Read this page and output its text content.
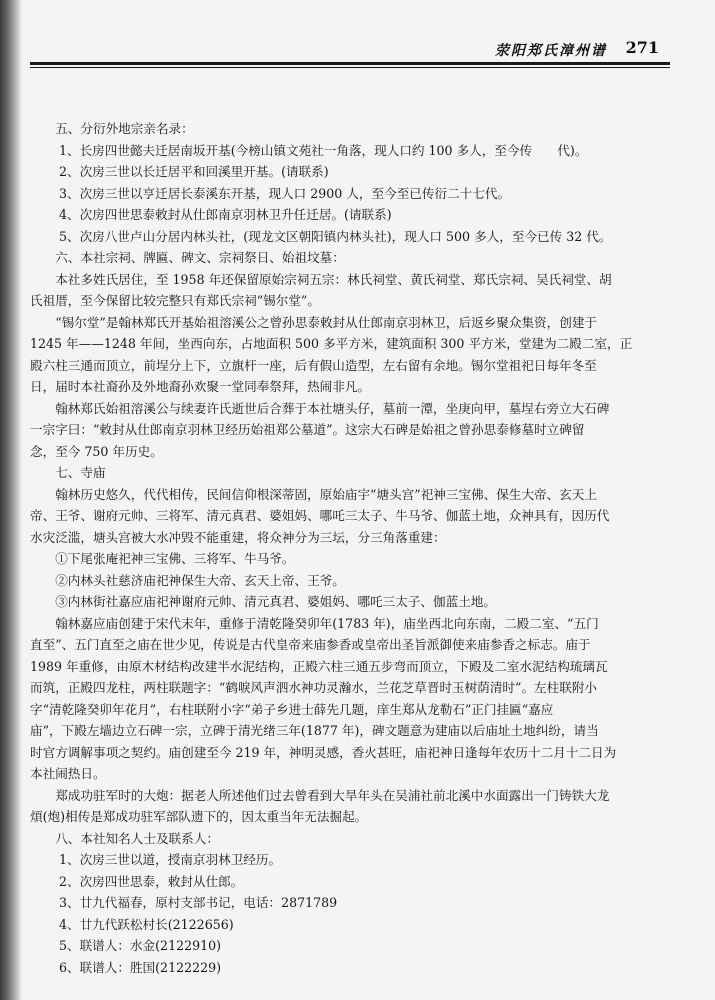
荥阳郑氏漳州谱 271
五、分衍外地宗亲名录：
1、长房四世懿夫迁居南坂开基(今榜山镇文苑社一角落，现人口约 100 多人，至今传　　代)。
2、次房三世以长迁居平和回溪里开基。(请联系)
3、次房三世以亨迁居长泰溪东开基，现人口 2900 人，至今至已传衍二十七代。
4、次房四世思泰敕封从仕郎南京羽林卫升任迁居。(请联系)
5、次房八世卢山分居内林头社，(现龙文区朝阳镇内林头社)，现人口 500 多人，至今已传 32 代。
六、本社宗祠、牌匾、碑文、宗祠祭日、始祖坟墓：
本社多姓氏居住，至 1958 年还保留原始宗祠五宗：林氏祠堂、黄氏祠堂、郑氏宗祠、吴氏祠堂、胡
氏祖厝，至今保留比较完整只有郑氏宗祠“锡尔堂”。
“锡尔堂”是翰林郑氏开基始祖溶溪公之曾孙思泰敕封从仕郎南京羽林卫，后返乡聚众集资，创建于
1245 年——1248 年间，坐西向东，占地面积 500 多平方米，建筑面积 300 平方米，堂建为二殿二室，正
殿六柱三通而顶立，前埕分上下，立旗杆一座，后有假山造型，左右留有余地。锡尔堂祖祀日每年冬至
日，届时本社裔孙及外地裔孙欢聚一堂同奉祭拜，热闹非凡。
翰林郑氏始祖溶溪公与续妻许氏逝世后合葬于本社塘头仔，墓前一潭，坐庚向甲，墓埕右旁立大石碑
一宗字曰：“敕封从仕郎南京羽林卫经历始祖郑公墓道”。这宗大石碑是始祖之曾孙思泰修墓时立碑留
念，至今 750 年历史。
七、寺庙
翰林历史悠久，代代相传，民间信仰根深蒂固，原始庙宇“塘头宫”祀神三宝佛、保生大帝、玄天上
帝、王爷、谢府元帅、三将军、清元真君、婆姐妈、哪吒三太子、牛马爷、伽蓝土地，众神具有，因历代
水灾泛滥，塘头宫被大水冲毁不能重建，将众神分为三坛，分三角落重建：
①下尾张庵祀神三宝佛、三将军、牛马爷。
②内林头社慈济庙祀神保生大帝、玄天上帝、王爷。
③内林街社嘉应庙祀神谢府元帅、清元真君、婆姐妈、哪吒三太子、伽蓝土地。
翰林嘉应庙创建于宋代末年，重修于清乾隆癸卯年(1783 年)，庙坐西北向东南，二殿二室、“五门
直至”、五门直至之庙在世少见，传说是古代皇帝来庙参香或皇帝出圣旨派御使来庙参香之标志。庙于
1989 年重修，由原木材结构改建半水泥结构，正殿六柱三通五步弯而顶立，下殿及二室水泥结构琉璃瓦
而筑，正殿四龙柱，两柱联题字：“鹤唳风声泗水神功灵瀚水，兰花芝草晋时玉树荫清时”。左柱联附小
字“清乾隆癸卯年花月”，右柱联附小字“弟子乡进士薛先几题，庠生郑从龙勒石”正门挂匾“嘉应
庙”，下殿左墙边立石碑一宗，立碑于清光绪三年(1877 年)，碑文题意为建庙以后庙址土地纠纷，请当
时官方调解事项之契约。庙创建至今 219 年，神明灵感，香火甚旺，庙祀神日逢每年农历十二月十二日为
本社闹热日。
郑成功驻军时的大炮：据老人所述他们过去曾看到大旱年头在吴浦社前北溪中水面露出一门铸铁大龙
煩(炮)相传是郑成功驻军部队遗下的，因太重当年无法掘起。
八、本社知名人士及联系人：
1、次房三世以道，授南京羽林卫经历。
2、次房四世思泰，敕封从仕郎。
3、廿九代福春，原村支部书记，电话：2871789
4、廿九代跃松村长(2122656)
5、联谱人：水金(2122910)
6、联谱人：胜国(2122229)
